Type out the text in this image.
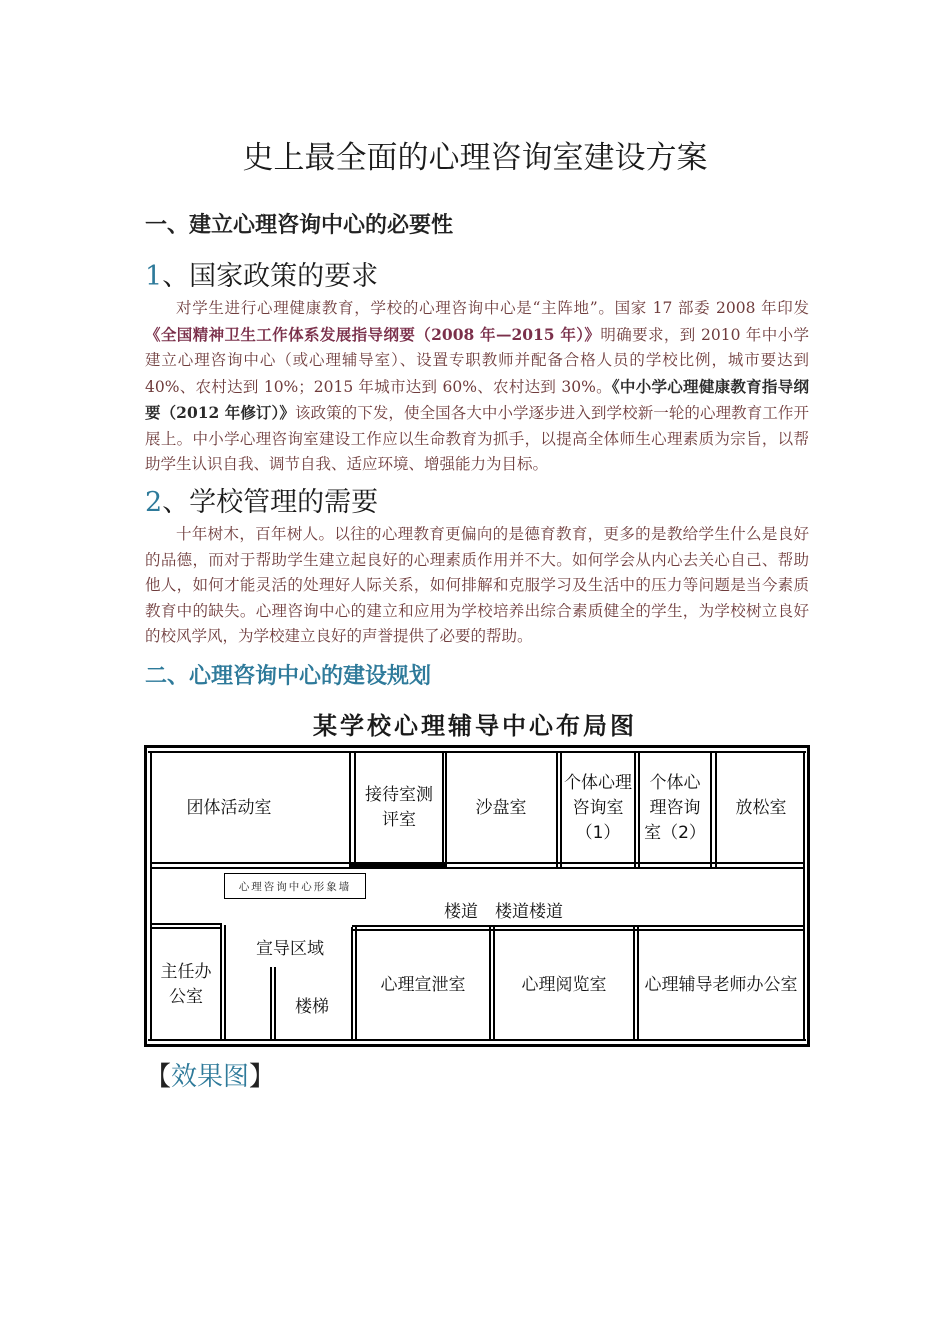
史上最全面的心理咨询室建设方案
一、建立心理咨询中心的必要性
1、国家政策的要求
对学生进行心理健康教育，学校的心理咨询中心是“主阵地”。国家 17 部委 2008 年印发《全国精神卫生工作体系发展指导纲要（2008 年—2015 年）》明确要求，到 2010 年中小学建立心理咨询中心（或心理辅导室）、设置专职教师并配备合格人员的学校比例，城市要达到 40%、农村达到 10%；2015 年城市达到 60%、农村达到 30%。《中小学心理健康教育指导纲要（2012 年修订）》该政策的下发，使全国各大中小学逐步进入到学校新一轮的心理教育工作开展上。中小学心理咨询室建设工作应以生命教育为抓手，以提高全体师生心理素质为宗旨，以帮助学生认识自我、调节自我、适应环境、增强能力为目标。
2、学校管理的需要
十年树木，百年树人。以往的心理教育更偏向的是德育教育，更多的是教给学生什么是良好的品德，而对于帮助学生建立起良好的心理素质作用并不大。如何学会从内心去关心自己、帮助他人，如何才能灵活的处理好人际关系，如何排解和克服学习及生活中的压力等问题是当今素质教育中的缺失。心理咨询中心的建立和应用为学校培养出综合素质健全的学生，为学校树立良好的校风学风，为学校建立良好的声誉提供了必要的帮助。
二、心理咨询中心的建设规划
某学校心理辅导中心布局图
团体活动室
接待室测评室
沙盘室
个体心理咨询室（1）
个体心理咨询室（2）
放松室
心理咨询中心形象墙
楼道　楼道楼道
主任办公室
宣导区域
楼梯
心理宣泄室	心理阅览室	心理辅导老师办公室
【效果图】
